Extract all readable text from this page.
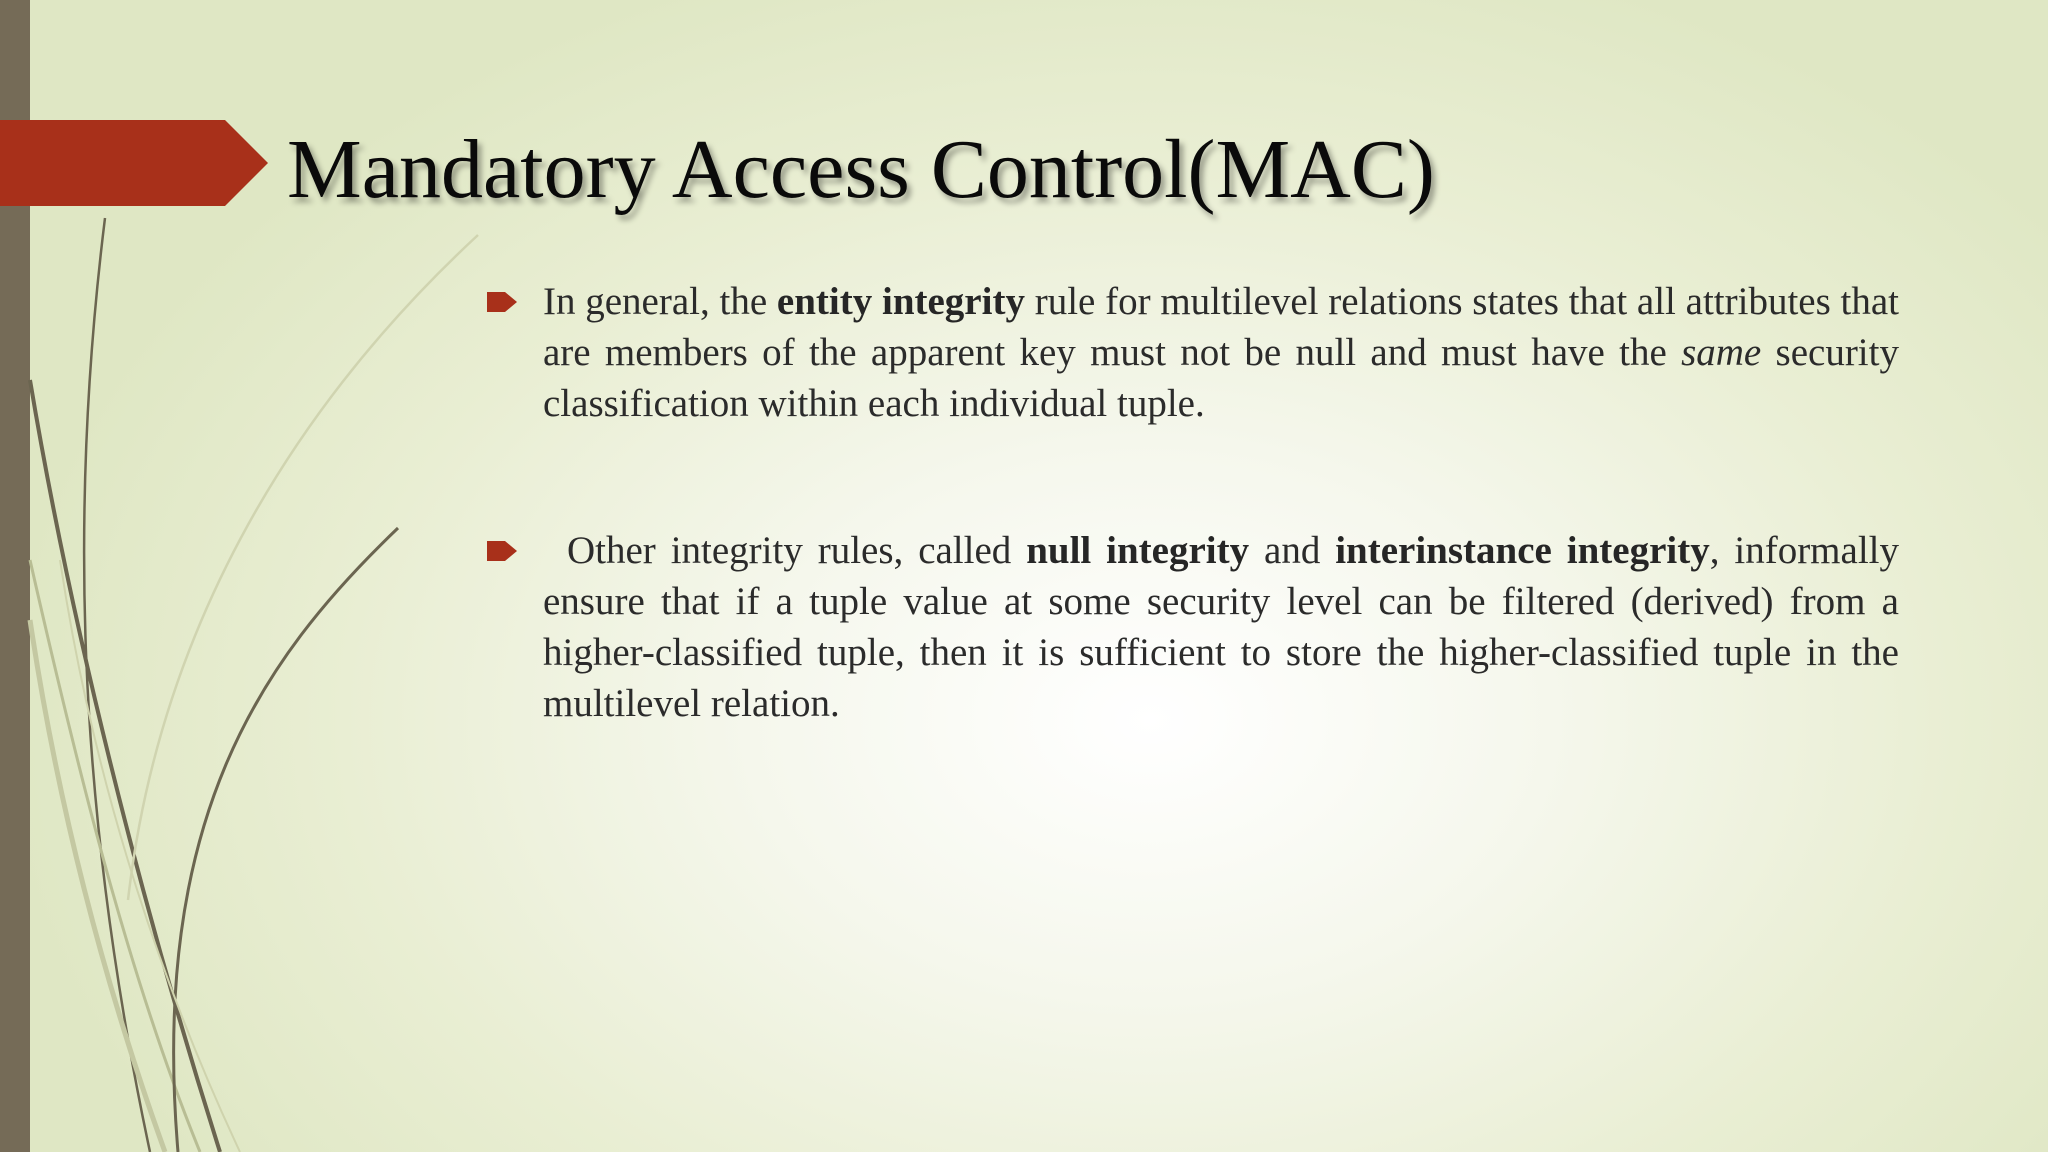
Mandatory Access Control(MAC)
In general, the entity integrity rule for multilevel relations states that all attributes that are members of the apparent key must not be null and must have the same security classification within each individual tuple.
Other integrity rules, called null integrity and interinstance integrity, informally ensure that if a tuple value at some security level can be filtered (derived) from a higher-classified tuple, then it is sufficient to store the higher-classified tuple in the multilevel relation.
